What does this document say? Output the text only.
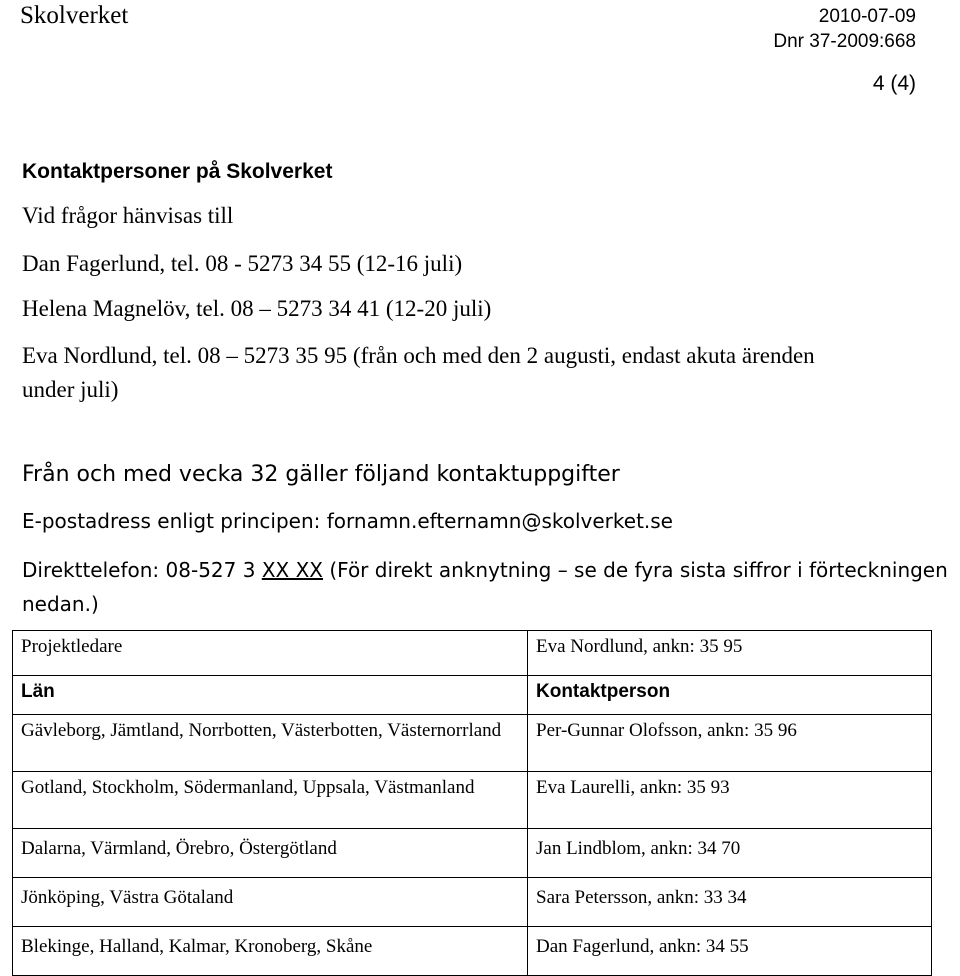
Skolverket	2010-07-09
Dnr 37-2009:668
4 (4)
Kontaktpersoner på Skolverket
Vid frågor hänvisas till
Dan Fagerlund, tel. 08 - 5273 34 55 (12-16 juli)
Helena Magnelöv, tel. 08 – 5273 34 41 (12-20 juli)
Eva Nordlund, tel. 08 – 5273 35 95 (från och med den 2 augusti, endast akuta ärenden
under juli)
Från och med vecka 32 gäller följand kontaktuppgifter
E-postadress enligt principen: fornamn.efternamn@skolverket.se
Direkttelefon: 08-527 3 XX XX (För direkt anknytning – se de fyra sista siffror i förteckningen nedan.)
Projektledare	Eva Nordlund, ankn: 35 95
Län	Kontaktperson
Gävleborg, Jämtland, Norrbotten, Västerbotten, Västernorrland	Per-Gunnar Olofsson, ankn: 35 96
Gotland, Stockholm, Södermanland, Uppsala, Västmanland	Eva Laurelli, ankn: 35 93
Dalarna, Värmland, Örebro, Östergötland	Jan Lindblom, ankn: 34 70
Jönköping, Västra Götaland	Sara Petersson, ankn: 33 34
Blekinge, Halland, Kalmar, Kronoberg, Skåne	Dan Fagerlund, ankn: 34 55
